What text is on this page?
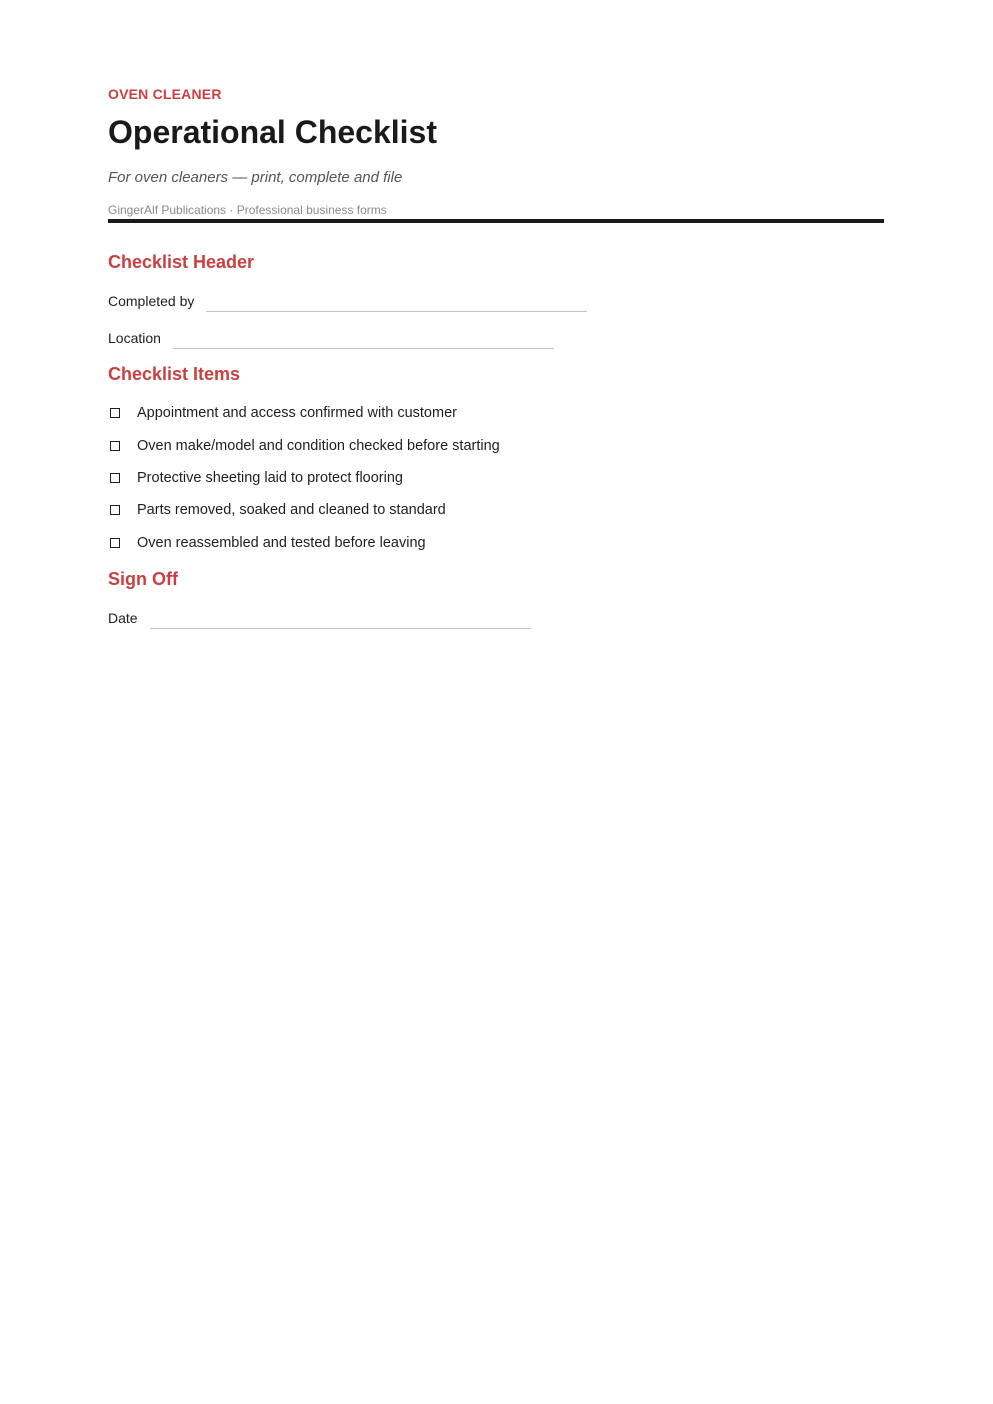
OVEN CLEANER
Operational Checklist
For oven cleaners — print, complete and file
GingerAlf Publications · Professional business forms
Checklist Header
Completed by
Location
Checklist Items
Appointment and access confirmed with customer
Oven make/model and condition checked before starting
Protective sheeting laid to protect flooring
Parts removed, soaked and cleaned to standard
Oven reassembled and tested before leaving
Sign Off
Date
